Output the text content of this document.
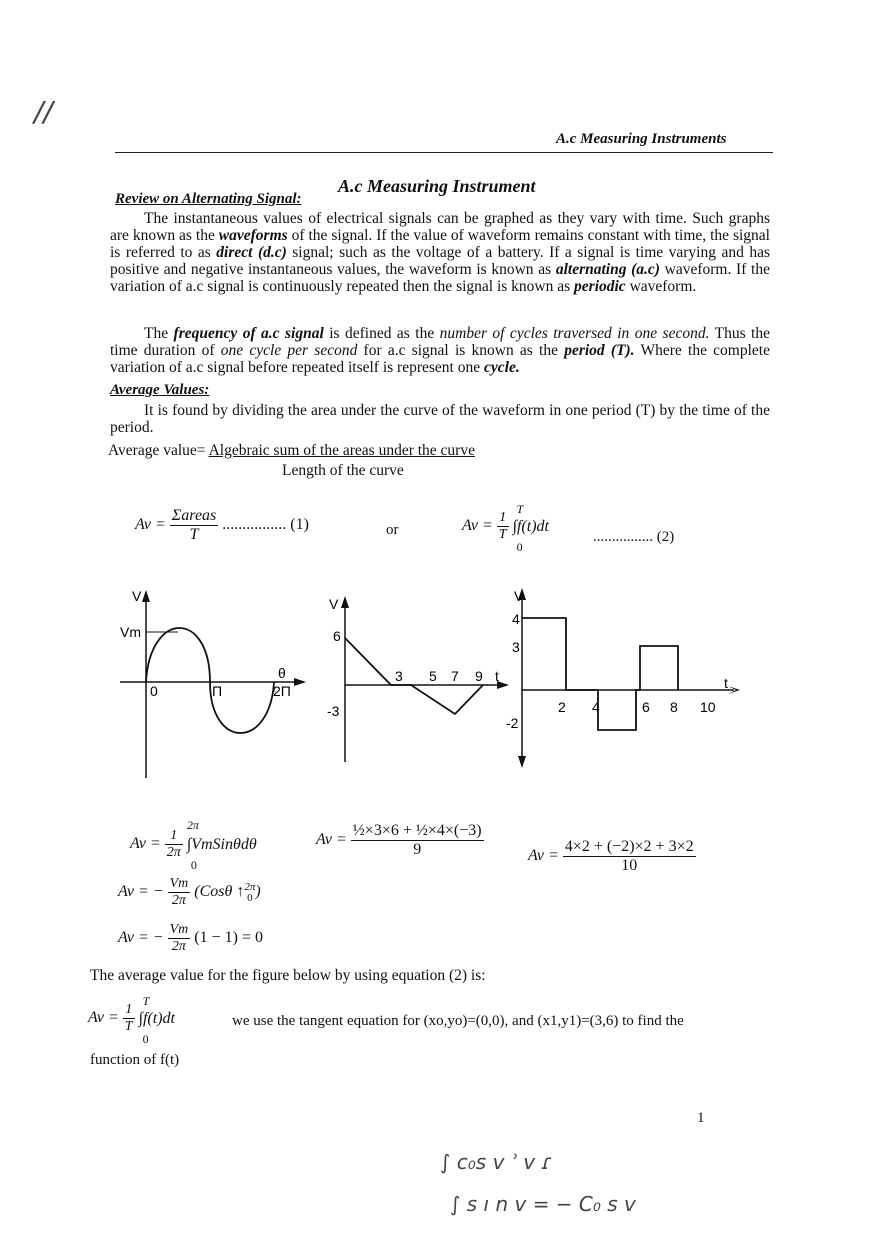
//
A.c Measuring Instruments
A.c Measuring Instrument
Review on Alternating Signal:

The instantaneous values of electrical signals can be graphed as they vary with time. Such graphs are known as the waveforms of the signal. If the value of waveform remains constant with time, the signal is referred to as direct (d.c) signal; such as the voltage of a battery. If a signal is time varying and has positive and negative instantaneous values, the waveform is known as alternating (a.c) waveform. If the variation of a.c signal is continuously repeated then the signal is known as periodic waveform.

The frequency of a.c signal is defined as the number of cycles traversed in one second. Thus the time duration of one cycle per second for a.c signal is known as the period (T). Where the complete variation of a.c signal before repeated itself is represent one cycle.

Average Values:

It is found by dividing the area under the curve of the waveform in one period (T) by the time of the period.

Average value= Algebraic sum of the areas under the curve
Length of the curve
$Av = \frac{\text{Σareas}}{T}$ ................ (1)	or	$Av = \frac{1}{T}$

T
∫f(t)dt
0
................ (2)
V
Vm
θ
0	Π	2Π
V
6
-3
3 5 7 9 t
V
4
3
-2
2 4	6 8 10
t
$Av = \frac{1}{2\pi}$

2π
∫VmSinθdθ
0
Av = − $\frac{Vm}{2\pi} (Cos\theta$ ↑ 2π
0 )
Av = − $\frac{Vm}{2\pi} (1 - 1) = 0$
$Av = \frac{\text{½×3×6 + ½×4×(−3)}}{9}$	$Av = \frac{4\times 2 + (-2)\times 2 + 3\times 2}{10}$
The average value for the figure below by using equation (2) is:
$Av = \frac{1}{T}$

T
∫f(t)dt
0
we use the tangent equation for (xo,yo)=(0,0), and (x1,y1)=(3,6) to find the
function of f(t)
1
∫ c₀s v ʾ v ɾ
∫ s ı n v = − C₀ s v
